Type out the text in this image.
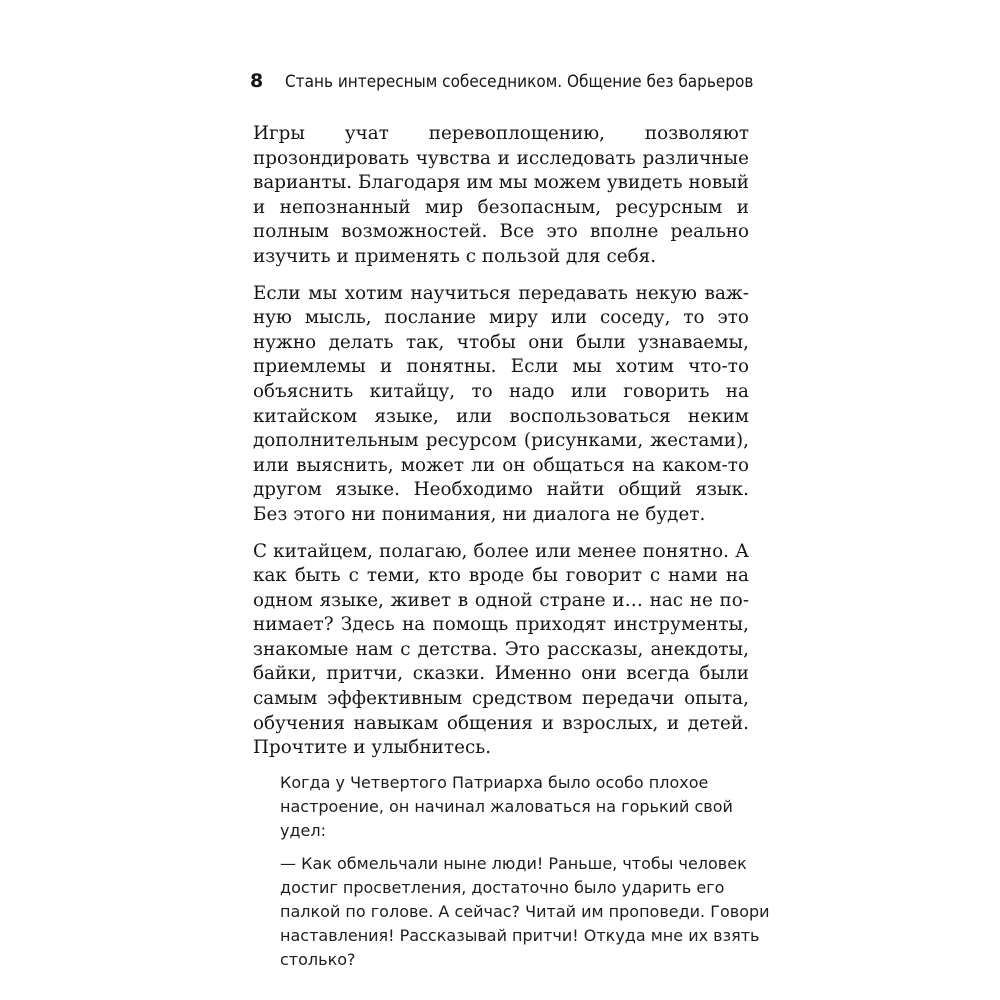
8 Стань интересным собеседником. Общение без барьеров

Игры учат перевоплощению, позволяют прозондировать чувства и исследовать различные варианты. Благодаря им мы можем увидеть новый и непознанный мир безопасным, ресурсным и полным возможностей. Все это вполне реально изучить и применять с пользой для себя.

Если мы хотим научиться передавать некую важную мысль, послание миру или соседу, то это нужно делать так, чтобы они были узнаваемы, приемлемы и понятны. Если мы хотим что-то объяснить китайцу, то надо или говорить на китайском языке, или воспользоваться неким дополнительным ресурсом (рисунками, жестами), или выяснить, может ли он общаться на каком-то другом языке. Необходимо найти общий язык. Без этого ни понимания, ни диалога не будет.

С китайцем, полагаю, более или менее понятно. А как быть с теми, кто вроде бы говорит с нами на одном языке, живет в одной стране и… нас не понимает? Здесь на помощь приходят инструменты, знакомые нам с детства. Это рассказы, анекдоты, байки, притчи, сказки. Именно они всегда были самым эффективным средством передачи опыта, обучения навыкам общения и взрослых, и детей. Прочтите и улыбнитесь.

Когда у Четвертого Патриарха было особо плохое настроение, он начинал жаловаться на горький свой удел:

— Как обмельчали ныне люди! Раньше, чтобы человек достиг просветления, достаточно было ударить его палкой по голове. А сейчас? Читай им проповеди. Говори наставления! Рассказывай притчи! Откуда мне их взять столько?
